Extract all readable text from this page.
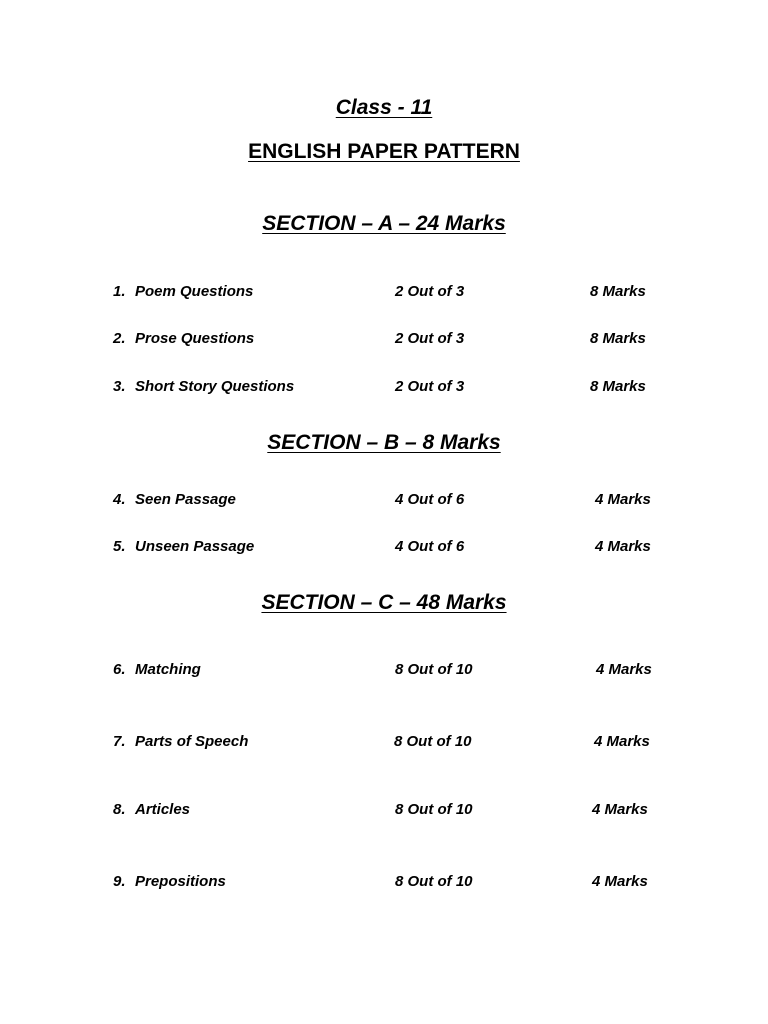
Class - 11
ENGLISH PAPER PATTERN
SECTION – A – 24 Marks
1. Poem Questions	2 Out of 3	8 Marks
2. Prose Questions	2 Out of 3	8 Marks
3. Short Story Questions	2 Out of 3	8 Marks
SECTION – B – 8 Marks
4. Seen Passage	4 Out of 6	4 Marks
5. Unseen Passage	4 Out of 6	4 Marks
SECTION – C – 48 Marks
6. Matching	8 Out of 10	4 Marks
7. Parts of Speech	8 Out of 10	4 Marks
8. Articles	8 Out of 10	4 Marks
9. Prepositions	8 Out of 10	4 Marks
